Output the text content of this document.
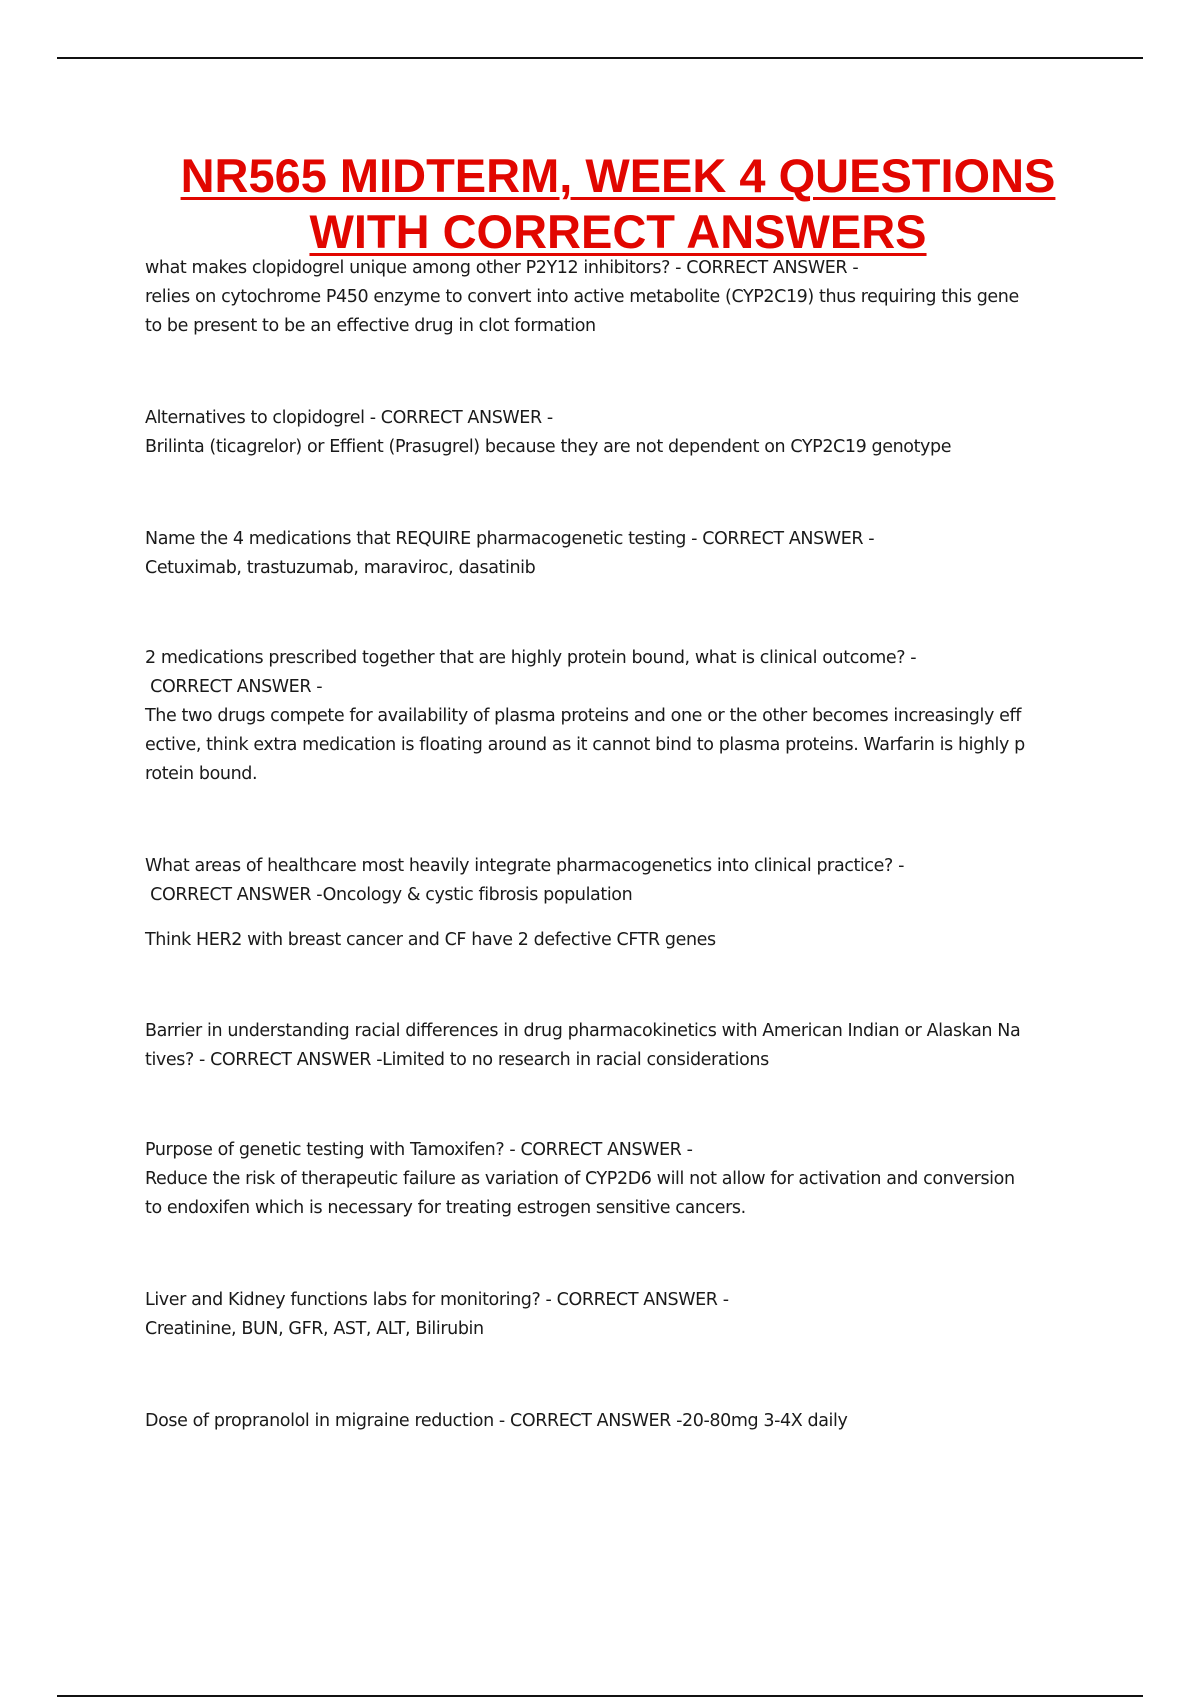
NR565 MIDTERM, WEEK 4 QUESTIONS
WITH CORRECT ANSWERS

what makes clopidogrel unique among other P2Y12 inhibitors? - CORRECT ANSWER -
relies on cytochrome P450 enzyme to convert into active metabolite (CYP2C19) thus requiring this gene
to be present to be an effective drug in clot formation

Alternatives to clopidogrel - CORRECT ANSWER -
Brilinta (ticagrelor) or Effient (Prasugrel) because they are not dependent on CYP2C19 genotype

Name the 4 medications that REQUIRE pharmacogenetic testing - CORRECT ANSWER -
Cetuximab, trastuzumab, maraviroc, dasatinib

2 medications prescribed together that are highly protein bound, what is clinical outcome? -
CORRECT ANSWER -
The two drugs compete for availability of plasma proteins and one or the other becomes increasingly eff
ective, think extra medication is floating around as it cannot bind to plasma proteins. Warfarin is highly p
rotein bound.

What areas of healthcare most heavily integrate pharmacogenetics into clinical practice? -
CORRECT ANSWER -Oncology & cystic fibrosis population

Think HER2 with breast cancer and CF have 2 defective CFTR genes

Barrier in understanding racial differences in drug pharmacokinetics with American Indian or Alaskan Na
tives? - CORRECT ANSWER -Limited to no research in racial considerations

Purpose of genetic testing with Tamoxifen? - CORRECT ANSWER -
Reduce the risk of therapeutic failure as variation of CYP2D6 will not allow for activation and conversion
to endoxifen which is necessary for treating estrogen sensitive cancers.

Liver and Kidney functions labs for monitoring? - CORRECT ANSWER -
Creatinine, BUN, GFR, AST, ALT, Bilirubin

Dose of propranolol in migraine reduction - CORRECT ANSWER -20-80mg 3-4X daily
